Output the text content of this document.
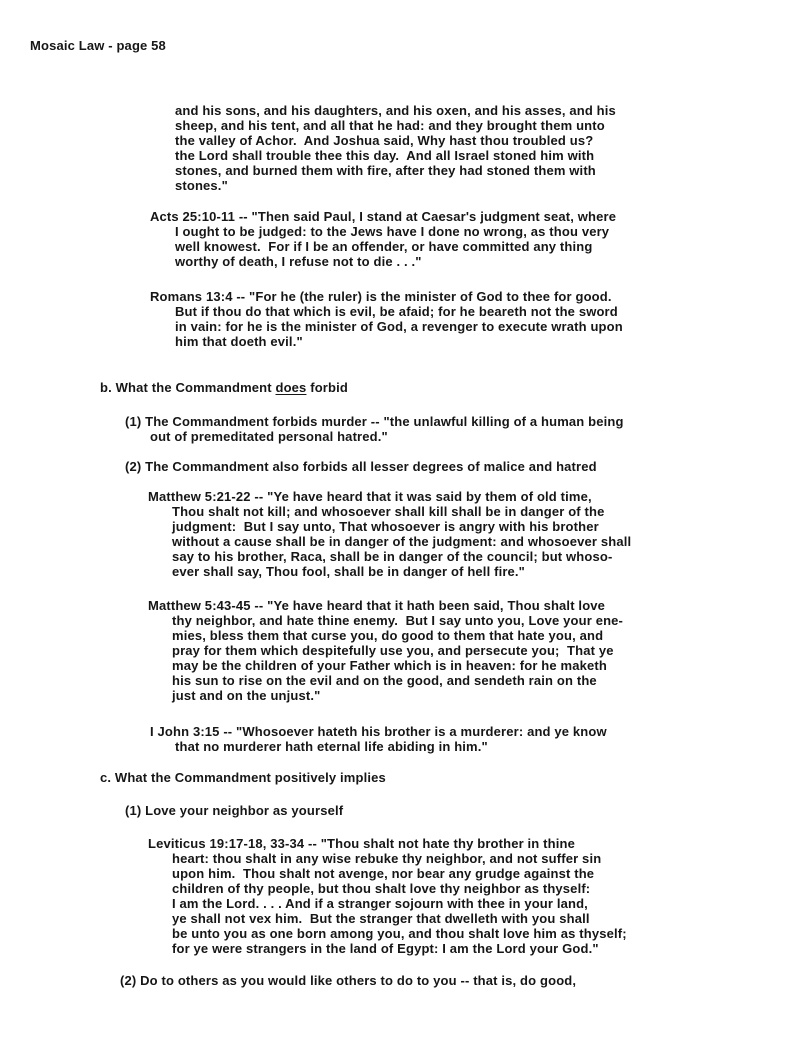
Mosaic Law - page 58
and his sons, and his daughters, and his oxen, and his asses, and his
sheep, and his tent, and all that he had: and they brought them unto
the valley of Achor.  And Joshua said, Why hast thou troubled us?
the Lord shall trouble thee this day.  And all Israel stoned him with
stones, and burned them with fire, after they had stoned them with
stones."
Acts 25:10-11 -- "Then said Paul, I stand at Caesar's judgment seat, where
I ought to be judged: to the Jews have I done no wrong, as thou very
well knowest.  For if I be an offender, or have committed any thing
worthy of death, I refuse not to die . . ."
Romans 13:4 -- "For he (the ruler) is the minister of God to thee for good.
But if thou do that which is evil, be afaid; for he beareth not the sword
in vain: for he is the minister of God, a revenger to execute wrath upon
him that doeth evil."
b. What the Commandment does forbid
(1) The Commandment forbids murder -- "the unlawful killing of a human being
out of premeditated personal hatred."
(2) The Commandment also forbids all lesser degrees of malice and hatred
Matthew 5:21-22 -- "Ye have heard that it was said by them of old time,
Thou shalt not kill; and whosoever shall kill shall be in danger of the
judgment:  But I say unto, That whosoever is angry with his brother
without a cause shall be in danger of the judgment: and whosoever shall
say to his brother, Raca, shall be in danger of the council; but whoso-
ever shall say, Thou fool, shall be in danger of hell fire."
Matthew 5:43-45 -- "Ye have heard that it hath been said, Thou shalt love
thy neighbor, and hate thine enemy.  But I say unto you, Love your ene-
mies, bless them that curse you, do good to them that hate you, and
pray for them which despitefully use you, and persecute you;  That ye
may be the children of your Father which is in heaven: for he maketh
his sun to rise on the evil and on the good, and sendeth rain on the
just and on the unjust."
I John 3:15 -- "Whosoever hateth his brother is a murderer: and ye know
that no murderer hath eternal life abiding in him."
c. What the Commandment positively implies
(1) Love your neighbor as yourself
Leviticus 19:17-18, 33-34 -- "Thou shalt not hate thy brother in thine
heart: thou shalt in any wise rebuke thy neighbor, and not suffer sin
upon him.  Thou shalt not avenge, nor bear any grudge against the
children of thy people, but thou shalt love thy neighbor as thyself:
I am the Lord. . . . And if a stranger sojourn with thee in your land,
ye shall not vex him.  But the stranger that dwelleth with you shall
be unto you as one born among you, and thou shalt love him as thyself;
for ye were strangers in the land of Egypt: I am the Lord your God."
(2) Do to others as you would like others to do to you -- that is, do good,
